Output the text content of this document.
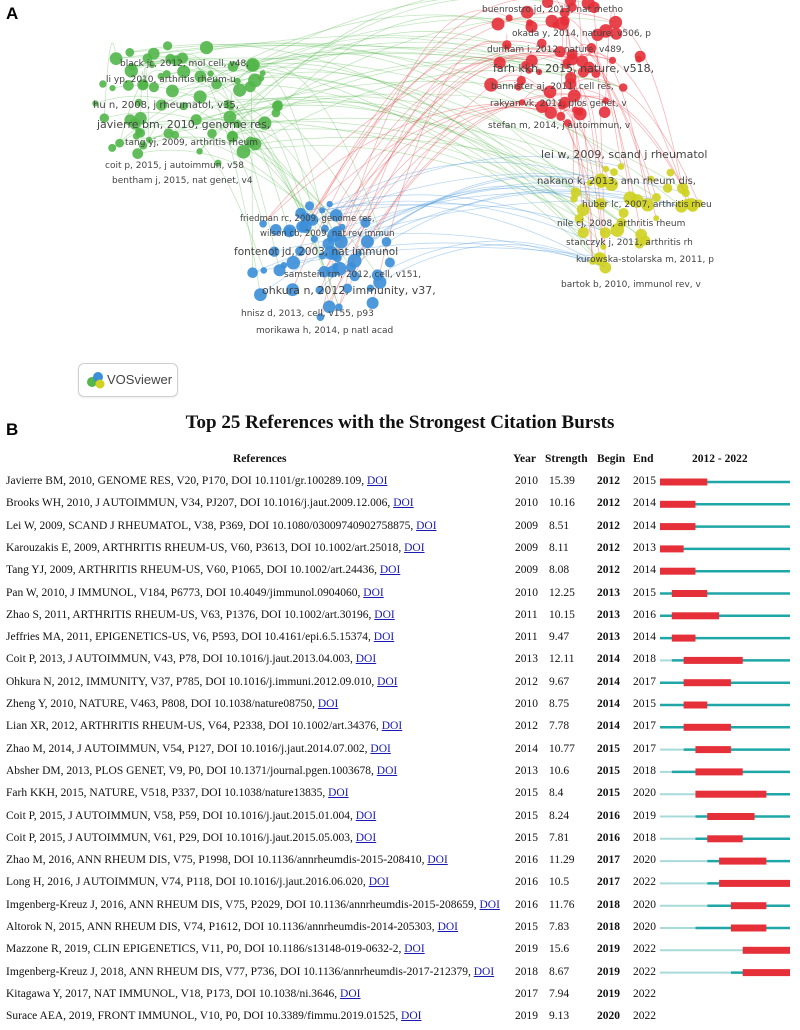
A	buenrostro jd, 2013, nat metho
okada y, 2014, nature, v506, p
dunham i, 2012, nature, v489,
farh kkh, 2015, nature, v518,
bannister aj, 2011, cell res,
rakyan vk, 2011, plos genet, v
stefan m, 2014, j autoimmun, v
black jc, 2012, mol cell, v48,
li yp, 2010, arthritis rheum-u
hu n, 2008, j rheumatol, v35,
javierre bm, 2010, genome res,
tang yj, 2009, arthritis rheum
coit p, 2015, j autoimmun, v58
bentham j, 2015, nat genet, v4
lei w, 2009, scand j rheumatol
nakano k, 2013, ann rheum dis,
huber lc, 2007, arthritis rheu
nile cj, 2008, arthritis rheum
stanczyk j, 2011, arthritis rh
kurowska-stolarska m, 2011, p
bartok b, 2010, immunol rev, v
friedman rc, 2009, genome res,
wilson cb, 2009, nat rev immun
fontenot jd, 2003, nat immunol
samstein rm, 2012, cell, v151,
ohkura n, 2012, immunity, v37,
hnisz d, 2013, cell, v155, p93
morikawa h, 2014, p natl acad
VOSviewer
B	Top 25 References with the Strongest Citation Bursts
References	Year Strength Begin End	2012 - 2022
Javierre BM, 2010, GENOME RES, V20, P170, DOI 10.1101/gr.100289.109, DOI	2010 15.39 2012 2015
Brooks WH, 2010, J AUTOIMMUN, V34, PJ207, DOI 10.1016/j.jaut.2009.12.006, DOI	2010 10.16 2012 2014
Lei W, 2009, SCAND J RHEUMATOL, V38, P369, DOI 10.1080/03009740902758875, DOI	2009 8.51 2012 2014
Karouzakis E, 2009, ARTHRITIS RHEUM-US, V60, P3613, DOI 10.1002/art.25018, DOI	2009 8.11 2012 2013
Tang YJ, 2009, ARTHRITIS RHEUM-US, V60, P1065, DOI 10.1002/art.24436, DOI	2009 8.08 2012 2014
Pan W, 2010, J IMMUNOL, V184, P6773, DOI 10.4049/jimmunol.0904060, DOI	2010 12.25 2013 2015
Zhao S, 2011, ARTHRITIS RHEUM-US, V63, P1376, DOI 10.1002/art.30196, DOI	2011 10.15 2013 2016
Jeffries MA, 2011, EPIGENETICS-US, V6, P593, DOI 10.4161/epi.6.5.15374, DOI	2011 9.47 2013 2014
Coit P, 2013, J AUTOIMMUN, V43, P78, DOI 10.1016/j.jaut.2013.04.003, DOI	2013 12.11 2014 2018
Ohkura N, 2012, IMMUNITY, V37, P785, DOI 10.1016/j.immuni.2012.09.010, DOI	2012 9.67 2014 2017
Zheng Y, 2010, NATURE, V463, P808, DOI 10.1038/nature08750, DOI	2010 8.75 2014 2015
Lian XR, 2012, ARTHRITIS RHEUM-US, V64, P2338, DOI 10.1002/art.34376, DOI	2012 7.78 2014 2017
Zhao M, 2014, J AUTOIMMUN, V54, P127, DOI 10.1016/j.jaut.2014.07.002, DOI	2014 10.77 2015 2017
Absher DM, 2013, PLOS GENET, V9, P0, DOI 10.1371/journal.pgen.1003678, DOI	2013 10.6 2015 2018
Farh KKH, 2015, NATURE, V518, P337, DOI 10.1038/nature13835, DOI	2015 8.4	2015 2020
Coit P, 2015, J AUTOIMMUN, V58, P59, DOI 10.1016/j.jaut.2015.01.004, DOI	2015 8.24 2016 2019
Coit P, 2015, J AUTOIMMUN, V61, P29, DOI 10.1016/j.jaut.2015.05.003, DOI	2015 7.81 2016 2018
Zhao M, 2016, ANN RHEUM DIS, V75, P1998, DOI 10.1136/annrheumdis-2015-208410, DOI	2016 11.29 2017 2020
Long H, 2016, J AUTOIMMUN, V74, P118, DOI 10.1016/j.jaut.2016.06.020, DOI	2016 10.5 2017 2022
Imgenberg-Kreuz J, 2016, ANN RHEUM DIS, V75, P2029, DOI 10.1136/annrheumdis-2015-208659, DOI 2016 11.76 2018 2020
Altorok N, 2015, ANN RHEUM DIS, V74, P1612, DOI 10.1136/annrheumdis-2014-205303, DOI	2015 7.83 2018 2020
Mazzone R, 2019, CLIN EPIGENETICS, V11, P0, DOI 10.1186/s13148-019-0632-2, DOI	2019 15.6 2019 2022
Imgenberg-Kreuz J, 2018, ANN RHEUM DIS, V77, P736, DOI 10.1136/annrheumdis-2017-212379, DOI 2018 8.67 2019 2022
Kitagawa Y, 2017, NAT IMMUNOL, V18, P173, DOI 10.1038/ni.3646, DOI	2017 7.94 2019 2022
Surace AEA, 2019, FRONT IMMUNOL, V10, P0, DOI 10.3389/fimmu.2019.01525, DOI	2019 9.13 2020 2022
